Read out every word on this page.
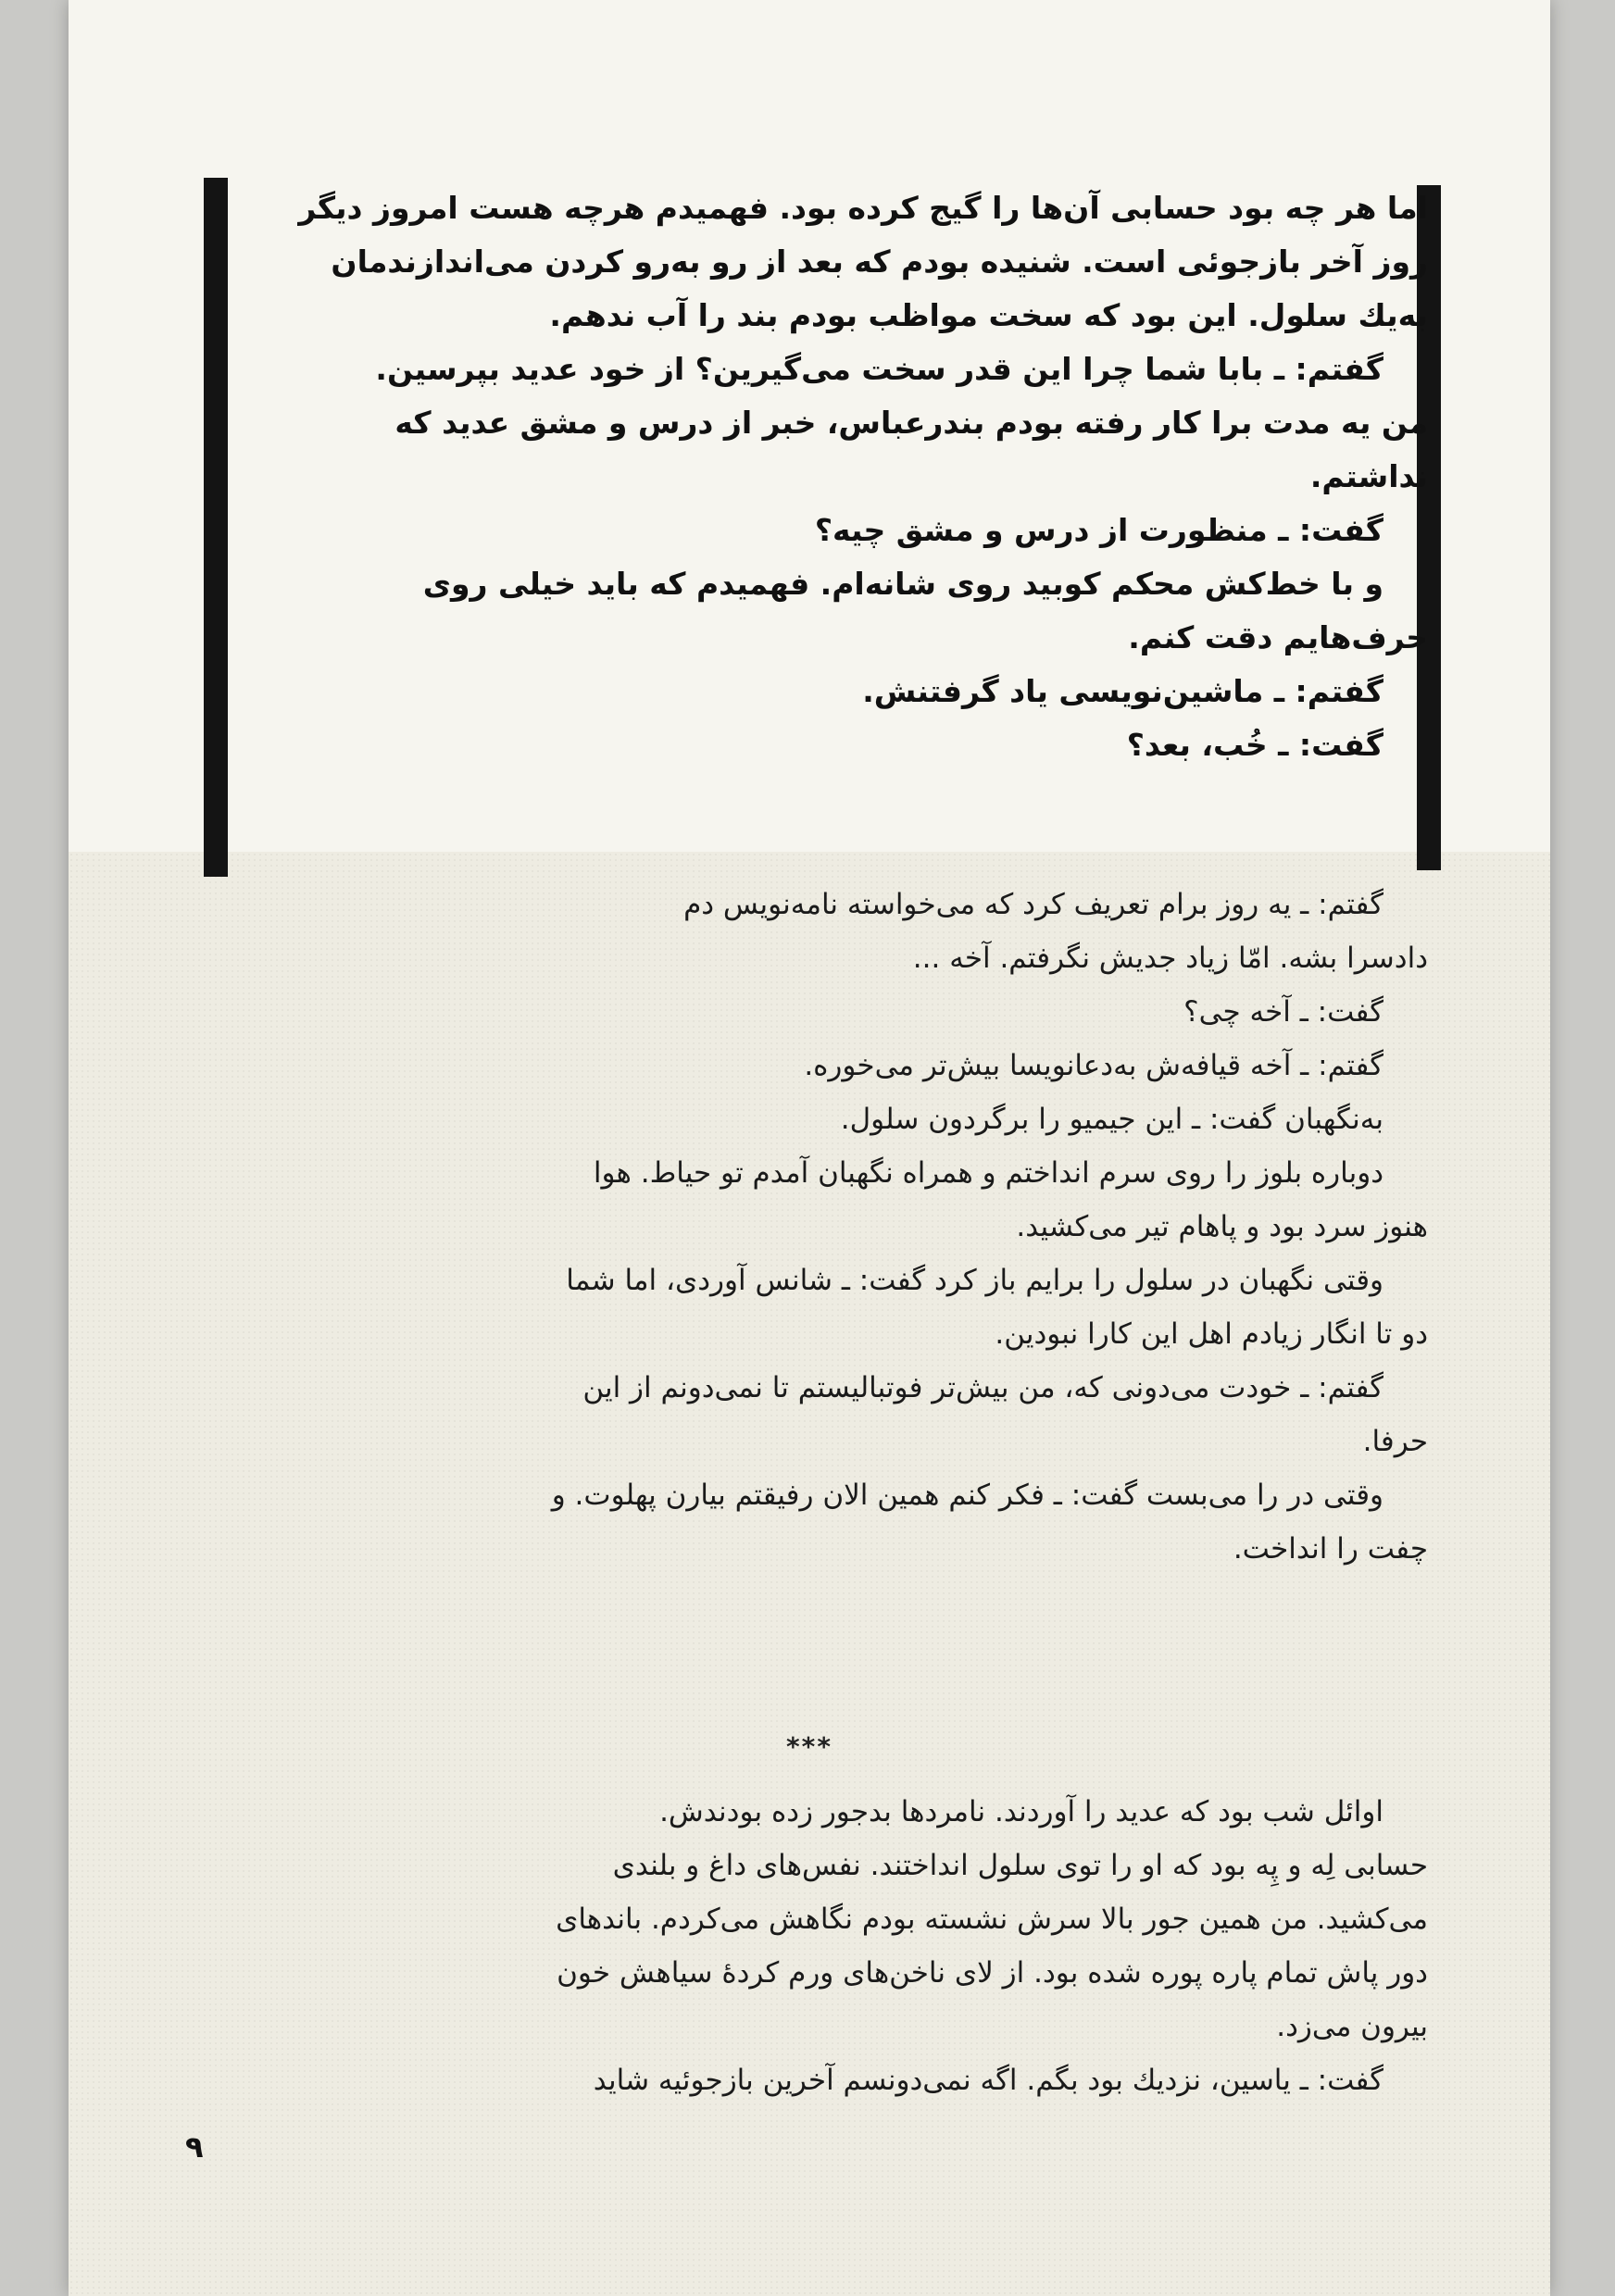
اما هر چه بود حسابی آن‌ها را گیج کرده بود. فهمیدم هرچه هست امروز دیگر
روز آخر بازجوئی است. شنیده بودم که بعد از رو به‌رو کردن می‌اندازندمان
به‌یك سلول. این بود که سخت مواظب بودم بند را آب ندهم.
گفتم: ـ بابا شما چرا این قدر سخت می‌گیرین؟ از خود عدید بپرسین.
من یه مدت برا کار رفته بودم بندرعباس، خبر از درس و مشق عدید که
نداشتم.
گفت: ـ منظورت از درس و مشق چیه؟
و با خط‌کش محکم کوبید روی شانه‌ام. فهمیدم که باید خیلی روی
حرف‌هایم دقت کنم.
گفتم: ـ ماشین‌نویسی یاد گرفتنش.
گفت: ـ خُب، بعد؟
گفتم: ـ یه روز برام تعریف کرد که می‌خواسته نامه‌نویس دم
دادسرا بشه. امّا زیاد جدیش نگرفتم. آخه ...
گفت: ـ آخه چی؟
گفتم: ـ آخه قیافه‌ش به‌دعانویسا بیش‌تر می‌خوره.
به‌نگهبان گفت: ـ این جیمیو را برگردون سلول.
دوباره بلوز را روی سرم انداختم و همراه نگهبان آمدم تو حیاط. هوا
هنوز سرد بود و پاهام تیر می‌کشید.
وقتی نگهبان در سلول را برایم باز کرد گفت: ـ شانس آوردی، اما شما
دو تا انگار زیادم اهل این کارا نبودین.
گفتم: ـ خودت می‌دونی که، من بیش‌تر فوتبالیستم تا نمی‌دونم از این
حرفا.
وقتی در را می‌بست گفت: ـ فکر کنم همین الان رفیقتم بیارن پهلوت. و
چفت را انداخت.
***
اوائل شب بود که عدید را آوردند. نامردها بدجور زده بودندش.
حسابی لِه و پِه بود که او را توی سلول انداختند. نفس‌های داغ و بلندی
می‌کشید. من همین جور بالا سرش نشسته بودم نگاهش می‌کردم. باندهای
دور پاش تمام پاره پوره شده بود. از لای ناخن‌های ورم کردهٔ سیاهش خون
بیرون می‌زد.
گفت: ـ یاسین، نزدیك بود بگم. اگه نمی‌دونسم آخرین بازجوئیه شاید
۹
